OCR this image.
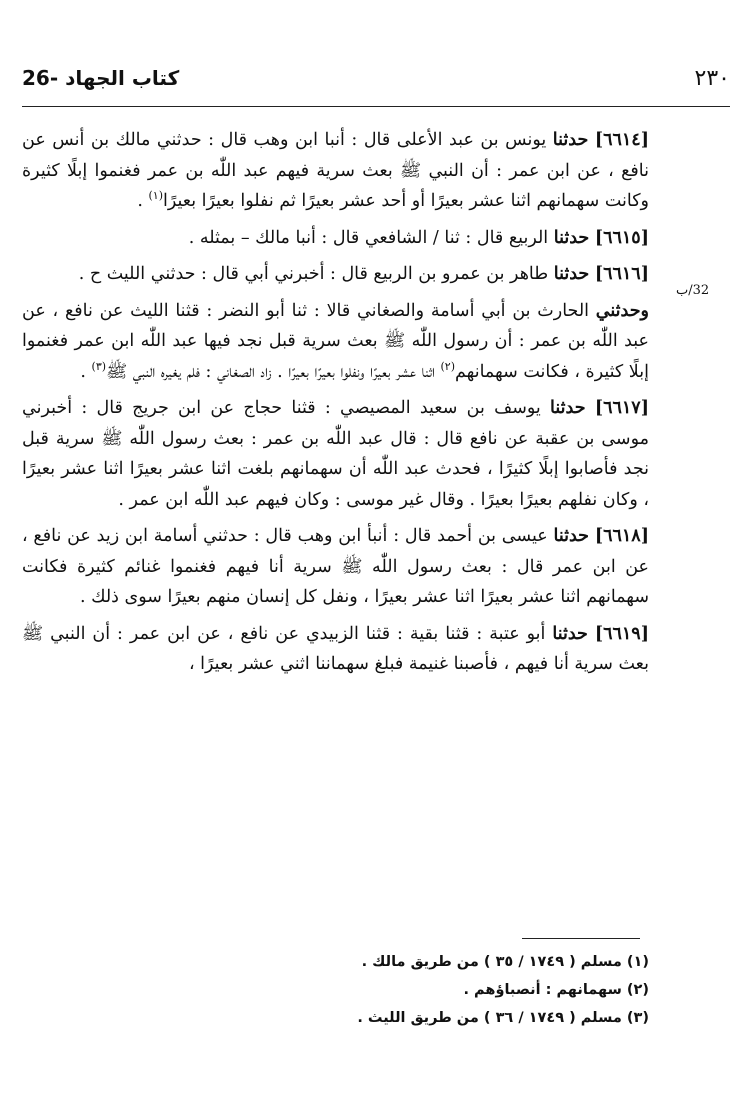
٢٣٠
26- كتاب الجهاد
32/ب

[٦٦١٤] حدثنا يونس بن عبد الأعلى قال : أنبا ابن وهب قال : حدثني مالك بن أنس عن نافع ، عن ابن عمر : أن النبي ﷺ بعث سرية فيهم عبد اللّٰه بن عمر فغنموا إبلًا كثيرة وكانت سهمانهم اثنا عشر بعيرًا أو أحد عشر بعيرًا ثم نفلوا بعيرًا بعيرًا$^{(١)}$ .

[٦٦١٥] حدثنا الربيع قال : ثنا / الشافعي قال : أنبا مالك – بمثله .

[٦٦١٦] حدثنا طاهر بن عمرو بن الربيع قال : أخبرني أبي قال : حدثني الليث ح .

وحدثني الحارث بن أبي أسامة والصغاني قالا : ثنا أبو النضر : قثنا الليث عن نافع ، عن عبد اللّٰه بن عمر : أن رسول اللّٰه ﷺ بعث سرية قبل نجد فيها عبد اللّٰه ابن عمر فغنموا إبلًا كثيرة ، فكانت سهمانهم$^{(٢)}$ اثنا عشر بعيرًا ونفلوا بعيرًا بعيرًا . زاد الصغاني : فلم يغيره النبي ﷺ$^{(٣)}$ .

[٦٦١٧] حدثنا يوسف بن سعيد المصيصي : قثنا حجاج عن ابن جريج قال : أخبرني موسى بن عقبة عن نافع قال : قال عبد اللّٰه بن عمر : بعث رسول اللّٰه ﷺ سرية قبل نجد فأصابوا إبلًا كثيرًا ، فحدث عبد اللّٰه أن سهمانهم بلغت اثنا عشر بعيرًا اثنا عشر بعيرًا ، وكان نفلهم بعيرًا بعيرًا . وقال غير موسى : وكان فيهم عبد اللّٰه ابن عمر .

[٦٦١٨] حدثنا عيسى بن أحمد قال : أنبأ ابن وهب قال : حدثني أسامة ابن زيد عن نافع ، عن ابن عمر قال : بعث رسول اللّٰه ﷺ سرية أنا فيهم فغنموا غنائم كثيرة فكانت سهمانهم اثنا عشر بعيرًا اثنا عشر بعيرًا ، ونفل كل إنسان منهم بعيرًا سوى ذلك .

[٦٦١٩] حدثنا أبو عتبة : قثنا بقية : قثنا الزبيدي عن نافع ، عن ابن عمر : أن النبي ﷺ بعث سرية أنا فيهم ، فأصبنا غنيمة فبلغ سهماننا اثني عشر بعيرًا ،

(١) مسلم ( ١٧٤٩ / ٣٥ ) من طريق مالك .

(٢) سهمانهم : أنصباؤهم .

(٣) مسلم ( ١٧٤٩ / ٣٦ ) من طريق الليث .
